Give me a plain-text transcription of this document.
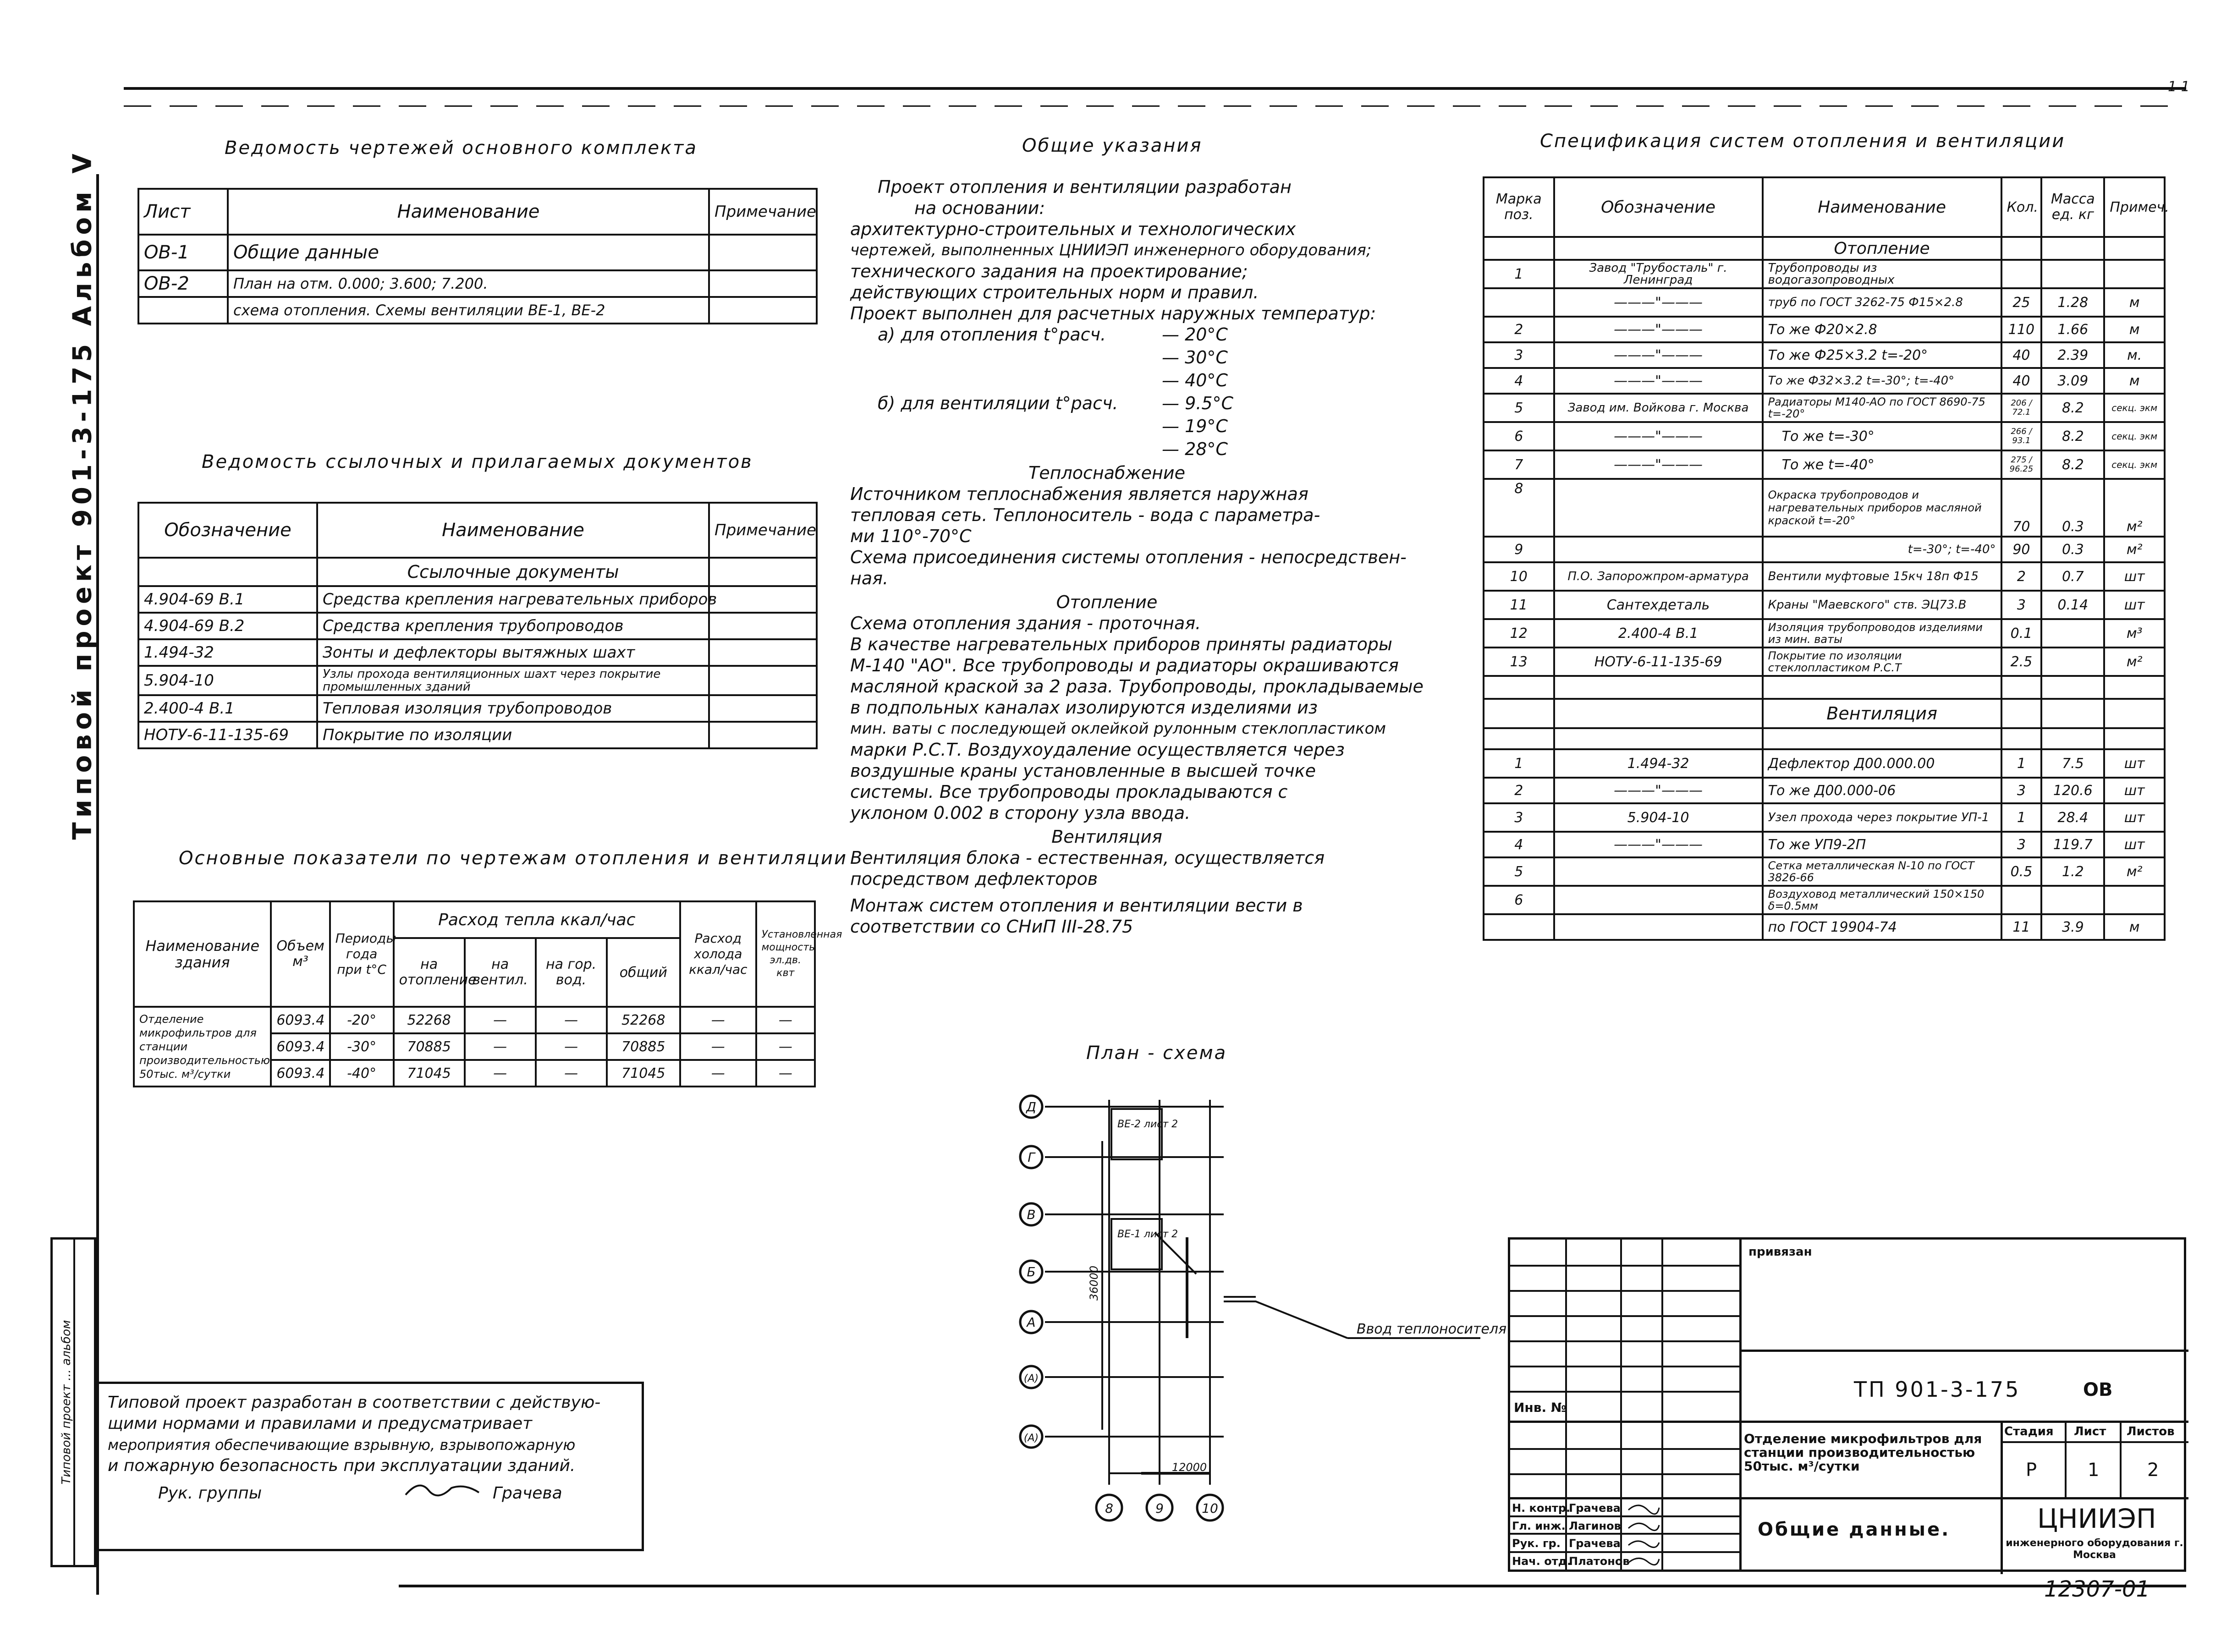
1 1
Типовой проект 901-3-175 Альбом V
Ведомость чертежей основного комплекта
Лист	Наименование	Примечание
ОВ-1	Общие данные	
ОВ-2	План на отм. 0.000; 3.600; 7.200.	
	схема отопления. Схемы вентиляции ВЕ-1, ВЕ-2	
Ведомость ссылочных и прилагаемых документов
Обозначение	Наименование	Примечание
	Ссылочные документы	
4.904-69 В.1	Средства крепления нагревательных приборов	
4.904-69 В.2	Средства крепления трубопроводов	
1.494-32	Зонты и дефлекторы вытяжных шахт	
5.904-10	Узлы прохода вентиляционных шахт через покрытие промышленных зданий	
2.400-4 В.1	Тепловая изоляция трубопроводов	
НОТУ-6-11-135-69	Покрытие по изоляции	
Основные показатели по чертежам отопления и вентиляции
Наименование здания	Объем м³	Периоды года при t°С	Расход тепла ккал/час				Расход холода ккал/час	Установленная мощность эл.дв. квт
			на отопление	на вентил.	на гор. вод.	общий		
Отделение микрофильтров для станции производительностью 50тыс. м³/сутки	6093.4	-20°	52268	—	—	52268	—	—
	6093.4	-30°	70885	—	—	70885	—	—
	6093.4	-40°	71045	—	—	71045	—	—
Общие указания
Проект отопления и вентиляции разработан
на основании:
архитектурно-строительных и технологических
чертежей, выполненных ЦНИИЭП инженерного оборудования;
технического задания на проектирование;
действующих строительных норм и правил.
Проект выполнен для расчетных наружных температур:
а) для отопления t°расч.	— 20°С
— 30°С
— 40°С
б) для вентиляции t°расч.	— 9.5°С
— 19°С
— 28°С
Теплоснабжение
Источником теплоснабжения является наружная
тепловая сеть. Теплоноситель - вода с параметра-
ми 110°-70°С
Схема присоединения системы отопления - непосредствен-
ная.
Отопление
Схема отопления здания - проточная.
В качестве нагревательных приборов приняты радиаторы
М-140 "АО". Все трубопроводы и радиаторы окрашиваются
масляной краской за 2 раза. Трубопроводы, прокладываемые
в подпольных каналах изолируются изделиями из
мин. ваты с последующей оклейкой рулонным стеклопластиком
марки Р.С.Т. Воздухоудаление осуществляется через
воздушные краны установленные в высшей точке
системы. Все трубопроводы прокладываются с
уклоном 0.002 в сторону узла ввода.
Вентиляция
Вентиляция блока - естественная, осуществляется
посредством дефлекторов
Монтаж систем отопления и вентиляции вести в
соответствии со СНиП III-28.75
План - схема
Д
Г
В
Б
А
(А)
(А)
8	9	10
12000
36000
ВЕ-2 лист 2
ВЕ-1 лист 2
Ввод теплоносителя
Спецификация систем отопления и вентиляции
Марка поз.	Обозначение	Наименование	Кол.	Масса ед. кг	Примеч.
		Отопление			
1	Завод "Трубосталь" г. Ленинград	Трубопроводы из водогазопроводных			
	———"———	труб по ГОСТ 3262-75 Ф15×2.8	25	1.28	м
2	———"———	То же Ф20×2.8	110	1.66	м
3	———"———	То же Ф25×3.2 t=-20°	40	2.39	м.
4	———"———	То же Ф32×3.2 t=-30°; t=-40°	40	3.09	м
5	Завод им. Войкова г. Москва	Радиаторы М140-АО по ГОСТ 8690-75 t=-20°	206 / 72.1	8.2	секц. экм
6	———"———	То же t=-30°	266 / 93.1	8.2	секц. экм
7	———"———	То же t=-40°	275 / 96.25	8.2	секц. экм
8		Окраска трубопроводов и нагревательных приборов масляной краской t=-20°	70	0.3	м²
9		t=-30°; t=-40°	90	0.3	м²
10	П.О. Запорожпром-арматура	Вентили муфтовые 15кч 18п Ф15	2	0.7	шт
11	Сантехдеталь	Краны "Маевского" ств. ЭЦ73.В	3	0.14	шт
12	2.400-4 В.1	Изоляция трубопроводов изделиями из мин. ваты	0.1		м³
13	НОТУ-6-11-135-69	Покрытие по изоляции стеклопластиком Р.С.Т	2.5		м²

		Вентиляция			

1	1.494-32	Дефлектор Д00.000.00	1	7.5	шт
2	———"———	То же Д00.000-06	3	120.6	шт
3	5.904-10	Узел прохода через покрытие УП-1	1	28.4	шт
4	———"———	То же УП9-2П	3	119.7	шт
5		Сетка металлическая N-10 по ГОСТ 3826-66	0.5	1.2	м²
6		Воздуховод металлический 150×150 δ=0.5мм			
		по ГОСТ 19904-74	11	3.9	м
Типовой проект разработан в соответствии с действую-
щими нормами и правилами и предусматривает
мероприятия обеспечивающие взрывную, взрывопожарную
и пожарную безопасность при эксплуатации зданий.
Рук. группы	Грачева
Типовой проект ... альбом
привязан
Инв. №
ТП 901-3-175	ОВ
Отделение микрофильтров для станции производительностью 50тыс. м³/сутки
Стадия Лист Листов
Р	1	2
Общие данные.	ЦНИИЭП
инженерного оборудования г. Москва
Н. контр.
Грачева
Гл. инж. Лагинов
Рук. гр. Грачева
Нач. отд.
Платонов
12307-01
